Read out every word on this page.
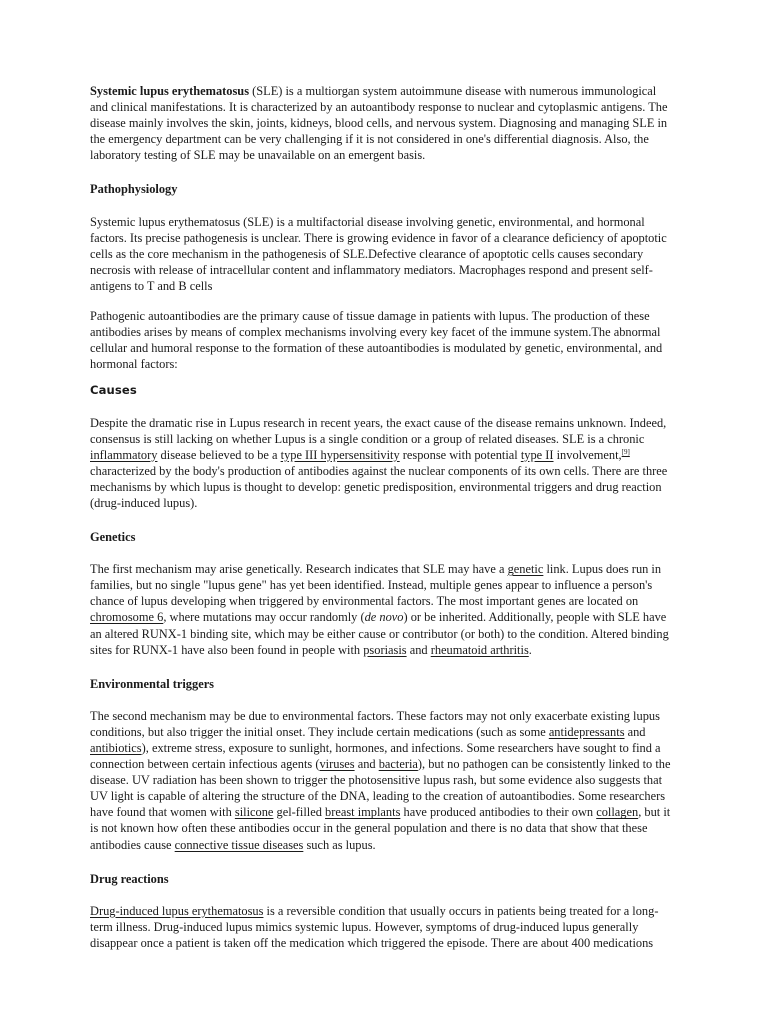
Systemic lupus erythematosus (SLE) is a multiorgan system autoimmune disease with numerous immunological and clinical manifestations. It is characterized by an autoantibody response to nuclear and cytoplasmic antigens. The disease mainly involves the skin, joints, kidneys, blood cells, and nervous system. Diagnosing and managing SLE in the emergency department can be very challenging if it is not considered in one's differential diagnosis. Also, the laboratory testing of SLE may be unavailable on an emergent basis.

Pathophysiology

Systemic lupus erythematosus (SLE) is a multifactorial disease involving genetic, environmental, and hormonal factors. Its precise pathogenesis is unclear. There is growing evidence in favor of a clearance deficiency of apoptotic cells as the core mechanism in the pathogenesis of SLE.Defective clearance of apoptotic cells causes secondary necrosis with release of intracellular content and inflammatory mediators. Macrophages respond and present self-antigens to T and B cells

Pathogenic autoantibodies are the primary cause of tissue damage in patients with lupus. The production of these antibodies arises by means of complex mechanisms involving every key facet of the immune system.The abnormal cellular and humoral response to the formation of these autoantibodies is modulated by genetic, environmental, and hormonal factors:

Causes

Despite the dramatic rise in Lupus research in recent years, the exact cause of the disease remains unknown. Indeed, consensus is still lacking on whether Lupus is a single condition or a group of related diseases. SLE is a chronic inflammatory disease believed to be a type III hypersensitivity response with potential type II involvement,[9] characterized by the body's production of antibodies against the nuclear components of its own cells. There are three mechanisms by which lupus is thought to develop: genetic predisposition, environmental triggers and drug reaction (drug-induced lupus).

Genetics

The first mechanism may arise genetically. Research indicates that SLE may have a genetic link. Lupus does run in families, but no single "lupus gene" has yet been identified. Instead, multiple genes appear to influence a person's chance of lupus developing when triggered by environmental factors. The most important genes are located on chromosome 6, where mutations may occur randomly (de novo) or be inherited. Additionally, people with SLE have an altered RUNX-1 binding site, which may be either cause or contributor (or both) to the condition. Altered binding sites for RUNX-1 have also been found in people with psoriasis and rheumatoid arthritis.

Environmental triggers

The second mechanism may be due to environmental factors. These factors may not only exacerbate existing lupus conditions, but also trigger the initial onset. They include certain medications (such as some antidepressants and antibiotics), extreme stress, exposure to sunlight, hormones, and infections. Some researchers have sought to find a connection between certain infectious agents (viruses and bacteria), but no pathogen can be consistently linked to the disease. UV radiation has been shown to trigger the photosensitive lupus rash, but some evidence also suggests that UV light is capable of altering the structure of the DNA, leading to the creation of autoantibodies. Some researchers have found that women with silicone gel-filled breast implants have produced antibodies to their own collagen, but it is not known how often these antibodies occur in the general population and there is no data that show that these antibodies cause connective tissue diseases such as lupus.

Drug reactions

Drug-induced lupus erythematosus is a reversible condition that usually occurs in patients being treated for a long-term illness. Drug-induced lupus mimics systemic lupus. However, symptoms of drug-induced lupus generally disappear once a patient is taken off the medication which triggered the episode. There are about 400 medications
